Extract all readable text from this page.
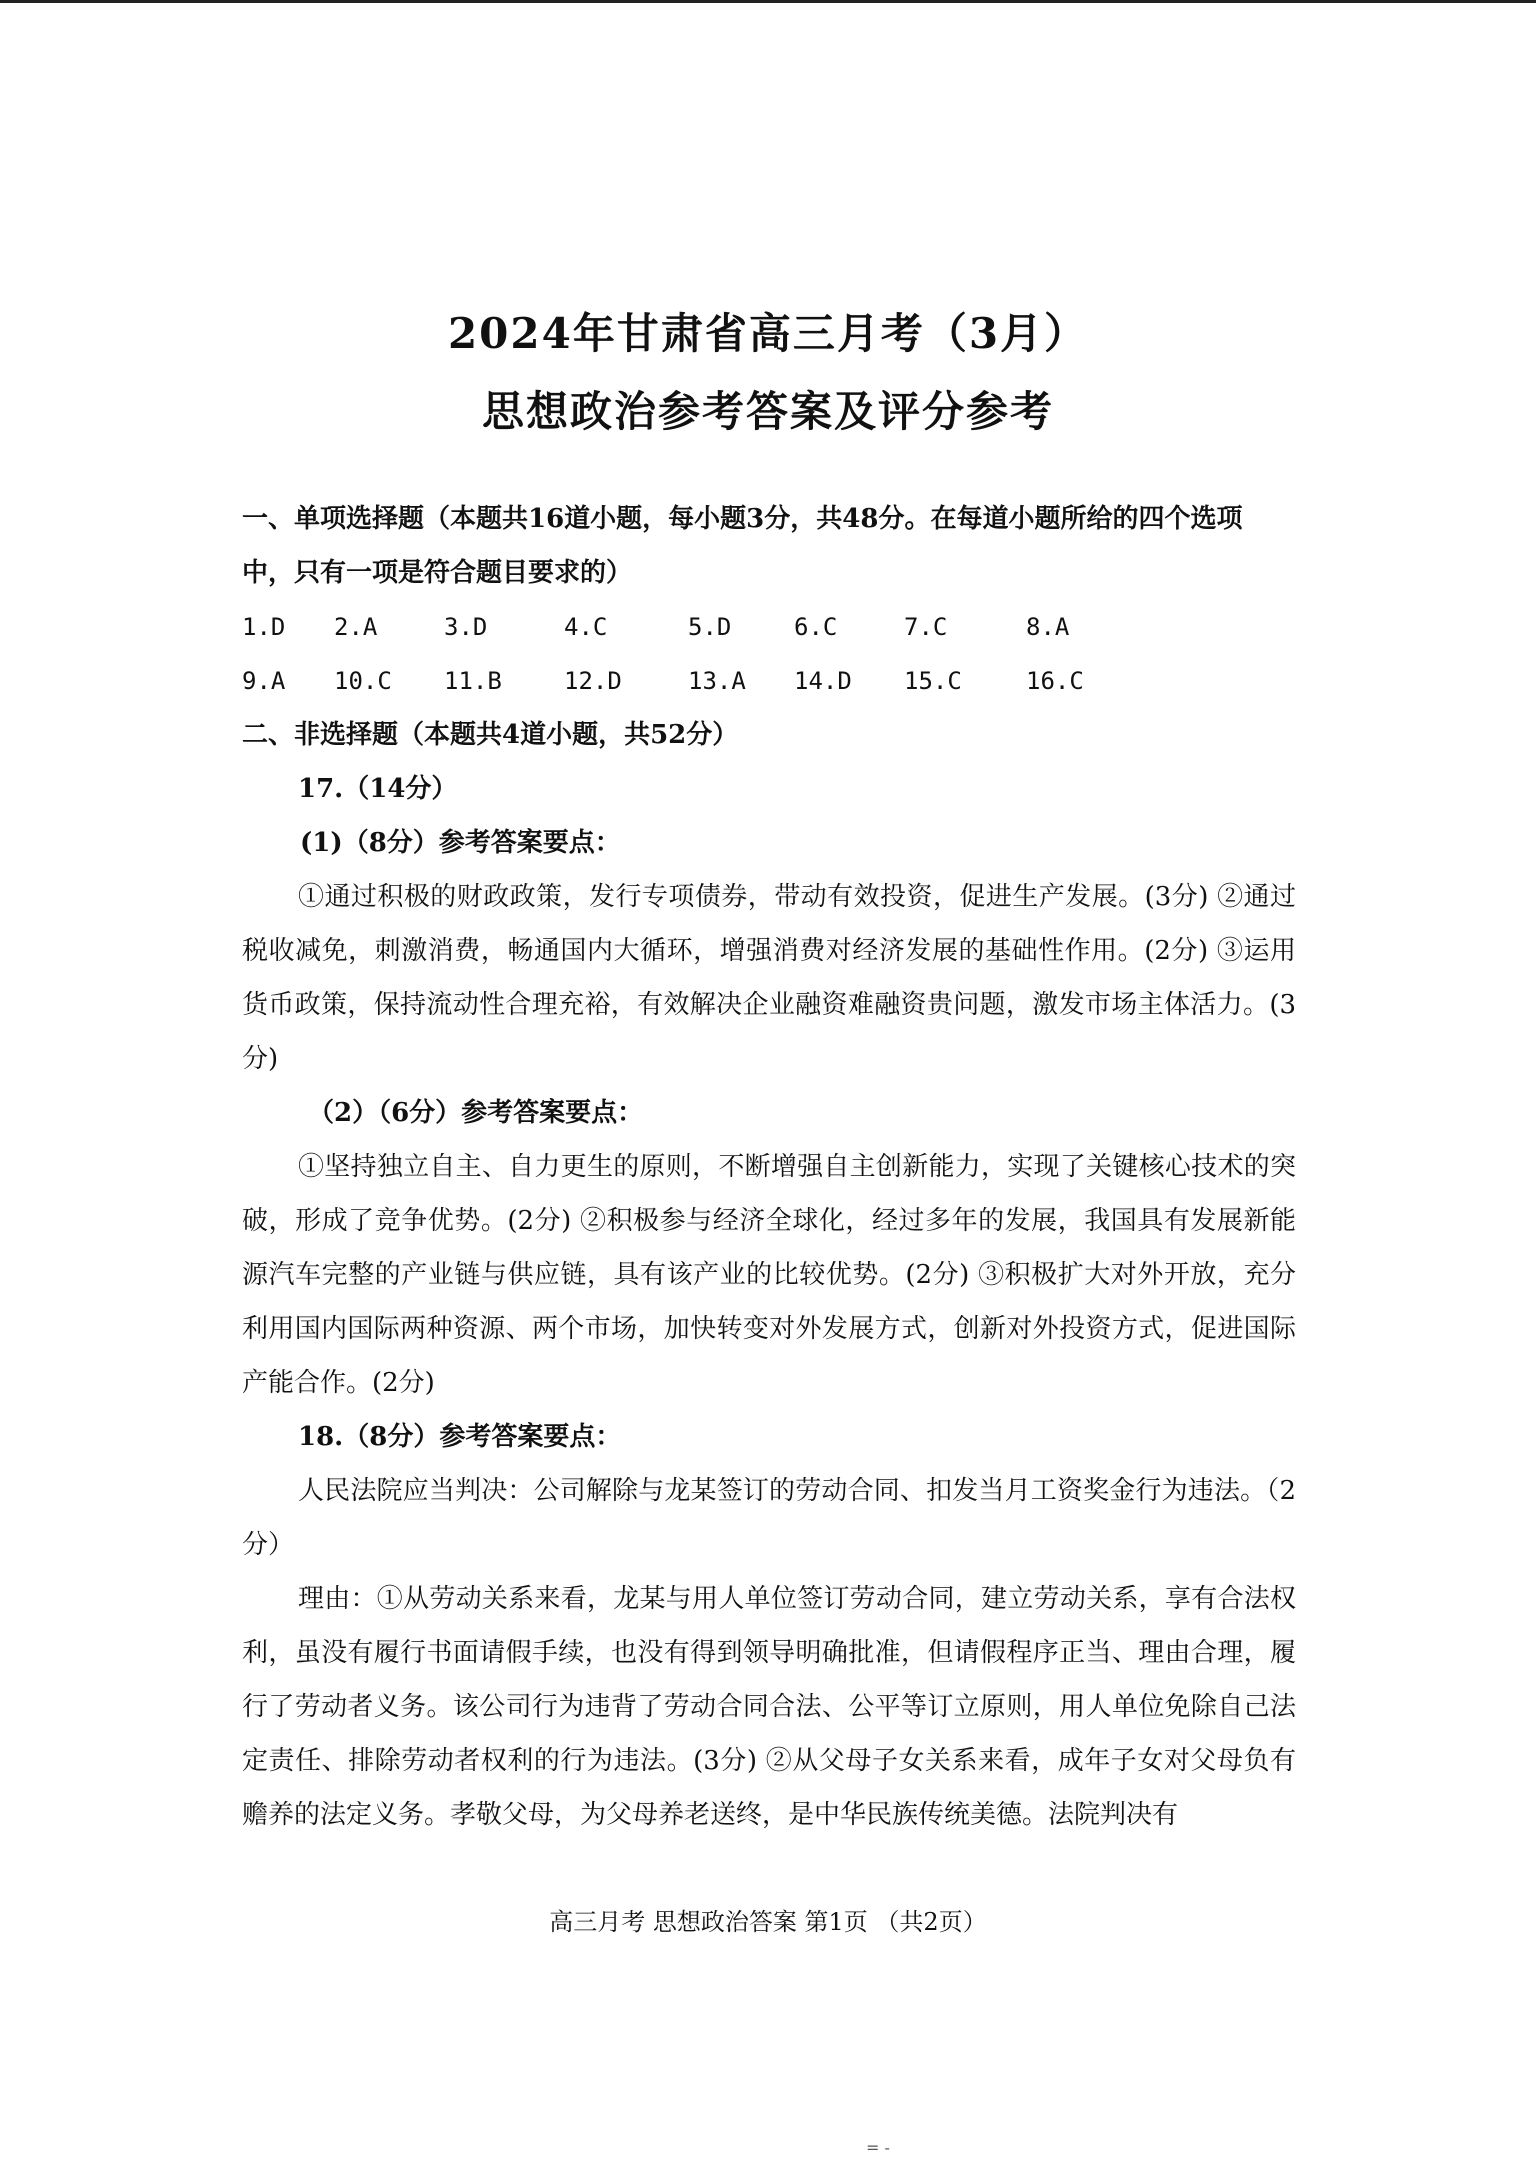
2024年甘肃省高三月考（3月）
思想政治参考答案及评分参考

一、单项选择题（本题共16道小题，每小题3分，共48分。在每道小题所给的四个选项

中，只有一项是符合题目要求的）

1.D 2.A	3.D	4.C	5.D	6.C	7.C	8.A
9.A 10.C 11.B	12.D	13.A 14.D 15.C	16.C

二、非选择题（本题共4道小题，共52分）

17.（14分）

(1)（8分）参考答案要点：

①通过积极的财政政策，发行专项债券，带动有效投资，促进生产发展。(3分) ②通过税收减免，刺激消费，畅通国内大循环，增强消费对经济发展的基础性作用。(2分) ③运用货币政策，保持流动性合理充裕，有效解决企业融资难融资贵问题，激发市场主体活力。(3分)

（2）（6分）参考答案要点：

①坚持独立自主、自力更生的原则，不断增强自主创新能力，实现了关键核心技术的突破，形成了竞争优势。(2分) ②积极参与经济全球化，经过多年的发展，我国具有发展新能源汽车完整的产业链与供应链，具有该产业的比较优势。(2分) ③积极扩大对外开放，充分利用国内国际两种资源、两个市场，加快转变对外发展方式，创新对外投资方式，促进国际产能合作。(2分)

18.（8分）参考答案要点：

人民法院应当判决：公司解除与龙某签订的劳动合同、扣发当月工资奖金行为违法。（2分）

理由：①从劳动关系来看，龙某与用人单位签订劳动合同，建立劳动关系，享有合法权利，虽没有履行书面请假手续，也没有得到领导明确批准，但请假程序正当、理由合理，履行了劳动者义务。该公司行为违背了劳动合同合法、公平等订立原则，用人单位免除自己法定责任、排除劳动者权利的行为违法。(3分) ②从父母子女关系来看，成年子女对父母负有赡养的法定义务。孝敬父母，为父母养老送终，是中华民族传统美德。法院判决有

高三月考 思想政治答案 第1页 （共2页）
= -
